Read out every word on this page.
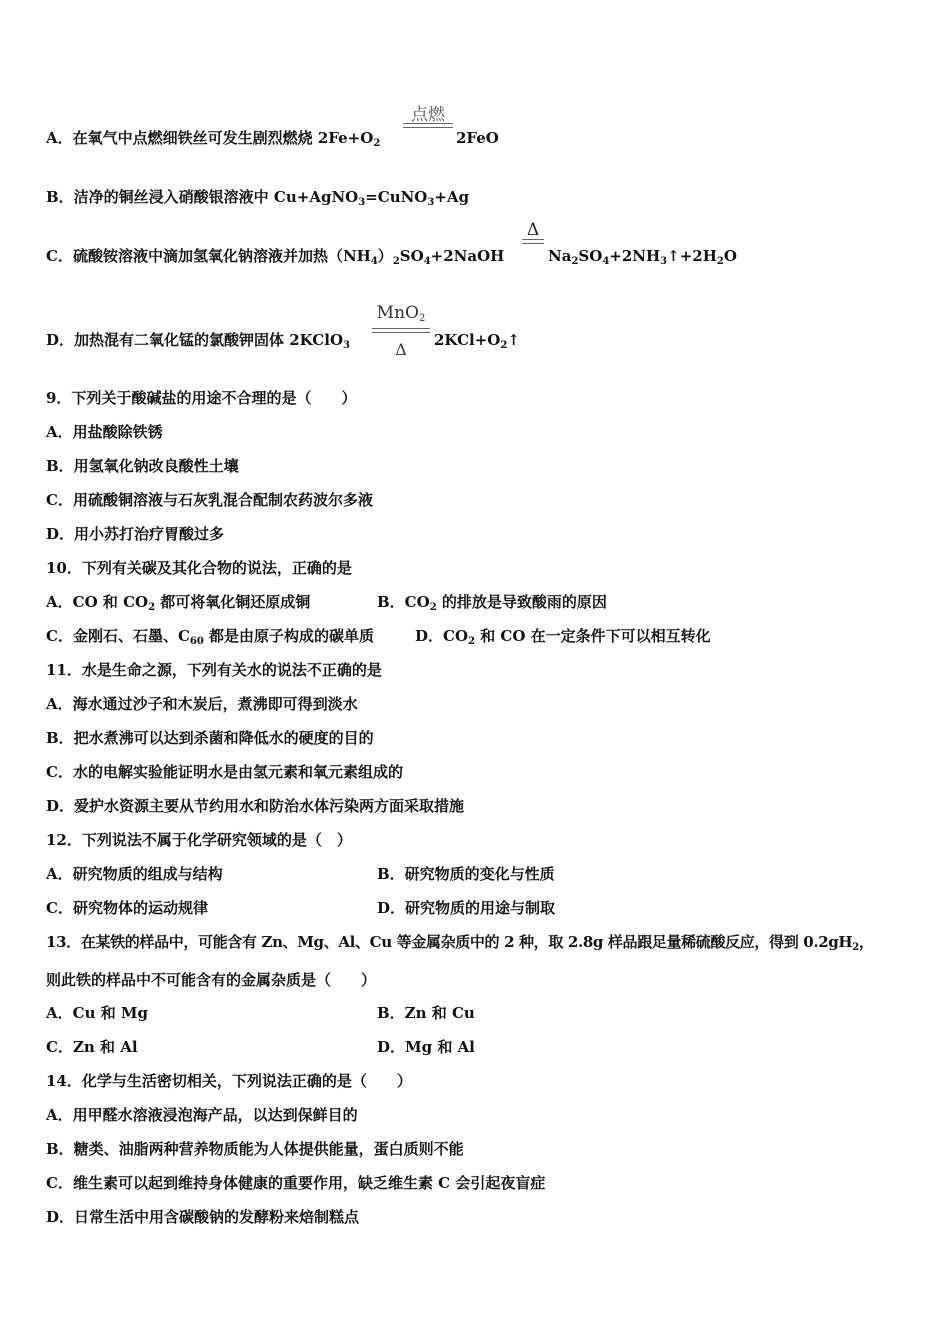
A．在氧气中点燃细铁丝可发生剧烈燃烧 $2Fe+O_2$
点燃
2FeO
B．洁净的铜丝浸入硝酸银溶液中 Cu+AgNO$_3$=CuNO$_3$+Ag
C．硫酸铵溶液中滴加氢氧化钠溶液并加热$(NH_4)_2SO_4+2NaOH$
Δ
$Na_2SO_4+2NH_3↑+2H_2O$
D．加热混有二氧化锰的氯酸钾固体 2KClO$_3$
MnO$_2$
Δ	$2KCl+O_2↑$
9．下列关于酸碱盐的用途不合理的是（　　）
A．用盐酸除铁锈
B．用氢氧化钠改良酸性土壤
C．用硫酸铜溶液与石灰乳混合配制农药波尔多液
D．用小苏打治疗胃酸过多
10．下列有关碳及其化合物的说法，正确的是
A．CO 和 $CO_2$ 都可将氧化铜还原成铜	B．$CO_2$ 的排放是导致酸雨的原因
C．金刚石、石墨、$C_{60}$ 都是由原子构成的碳单质	D．$CO_2$ 和 CO 在一定条件下可以相互转化
11．水是生命之源，下列有关水的说法不正确的是
A．海水通过沙子和木炭后，煮沸即可得到淡水
B．把水煮沸可以达到杀菌和降低水的硬度的目的
C．水的电解实验能证明水是由氢元素和氧元素组成的
D．爱护水资源主要从节约用水和防治水体污染两方面采取措施
12．下列说法不属于化学研究领域的是（　）
A．研究物质的组成与结构	B．研究物质的变化与性质
C．研究物体的运动规律	D．研究物质的用途与制取
13．在某铁的样品中，可能含有 Zn、Mg、Al、Cu 等金属杂质中的 2 种，取 2.8g 样品跟足量稀硫酸反应，得到 $0.2gH_2$，
则此铁的样品中不可能含有的金属杂质是（　　）
A．Cu 和 Mg	B．Zn 和 Cu
C．Zn 和 Al	D．Mg 和 Al
14．化学与生活密切相关，下列说法正确的是（　　）
A．用甲醛水溶液浸泡海产品，以达到保鲜目的
B．糖类、油脂两种营养物质能为人体提供能量，蛋白质则不能
C．维生素可以起到维持身体健康的重要作用，缺乏维生素 C 会引起夜盲症
D．日常生活中用含碳酸钠的发酵粉来焙制糕点
